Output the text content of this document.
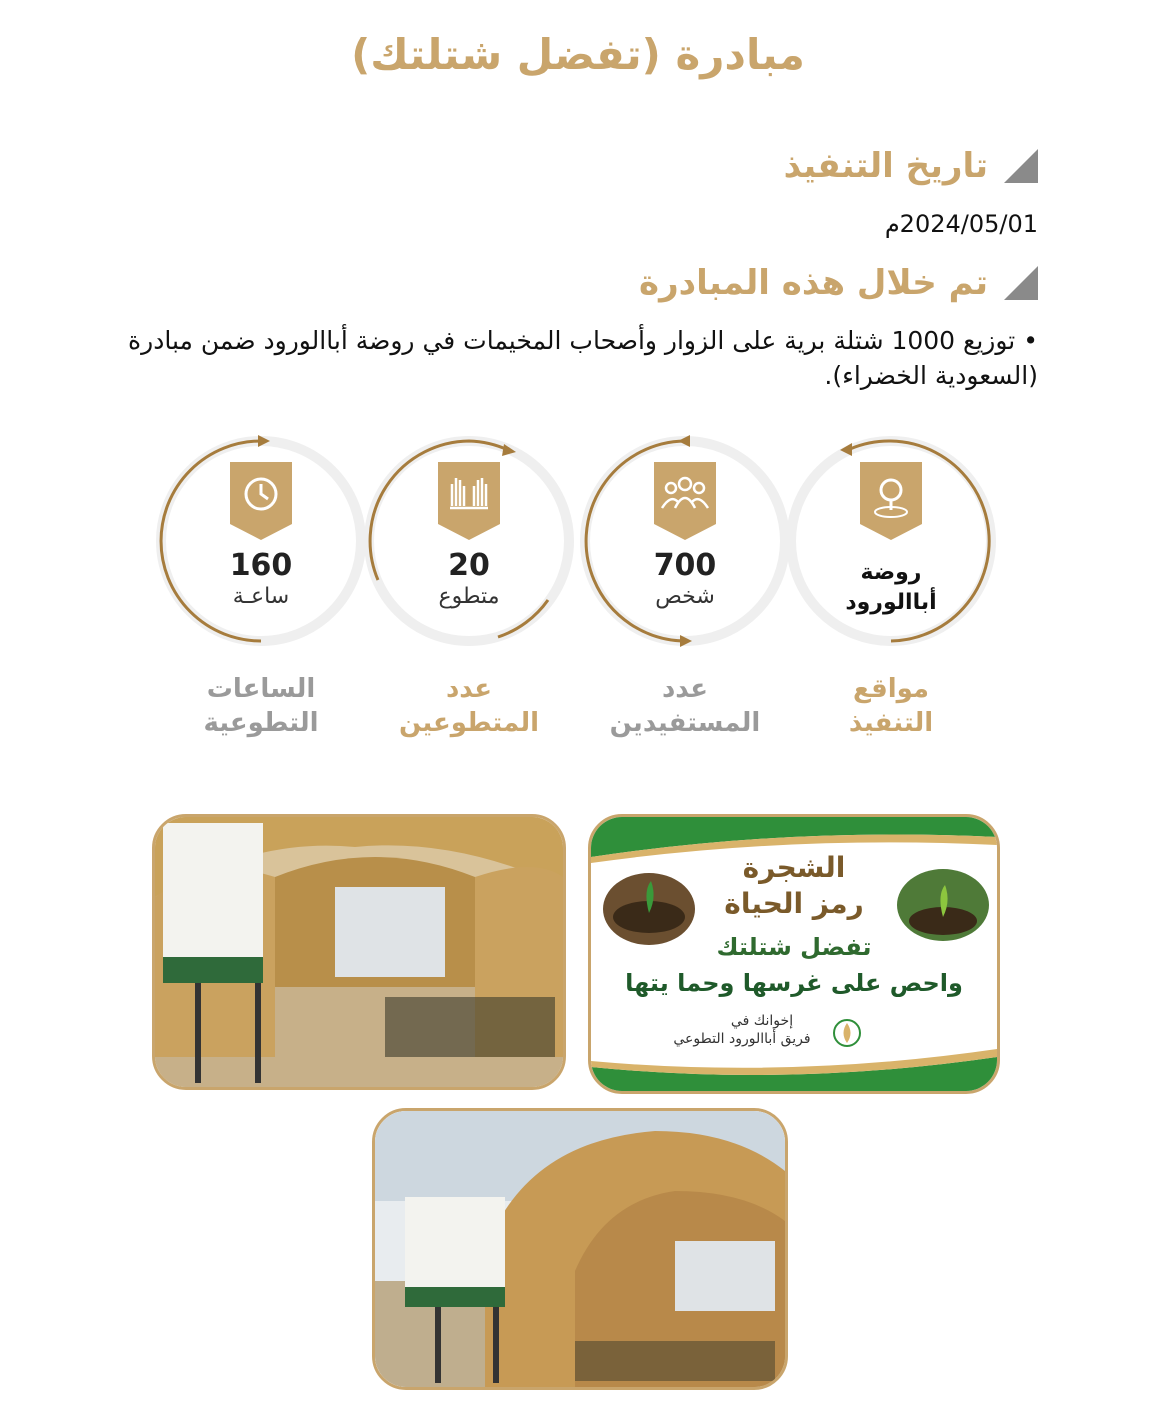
مبادرة (تفضل شتلتك)
تاريخ التنفيذ
2024/05/01م
تم خلال هذه المبادرة
•توزيع 1000 شتلة برية على الزوار وأصحاب المخيمات في روضة أباالورود ضمن مبادرة (السعودية الخضراء).
روضة
أباالورود
مواقع
التنفيذ
700
شخص
عدد
المستفيدين
20
متطوع
عدد
المتطوعين
160
ساعـة
الساعات
التطوعية
الشجرة
رمز الحياة
تفضل شتلتك
واحص على غرسها وحما يتها
إخوانك في
فريق أباالورود التطوعي
